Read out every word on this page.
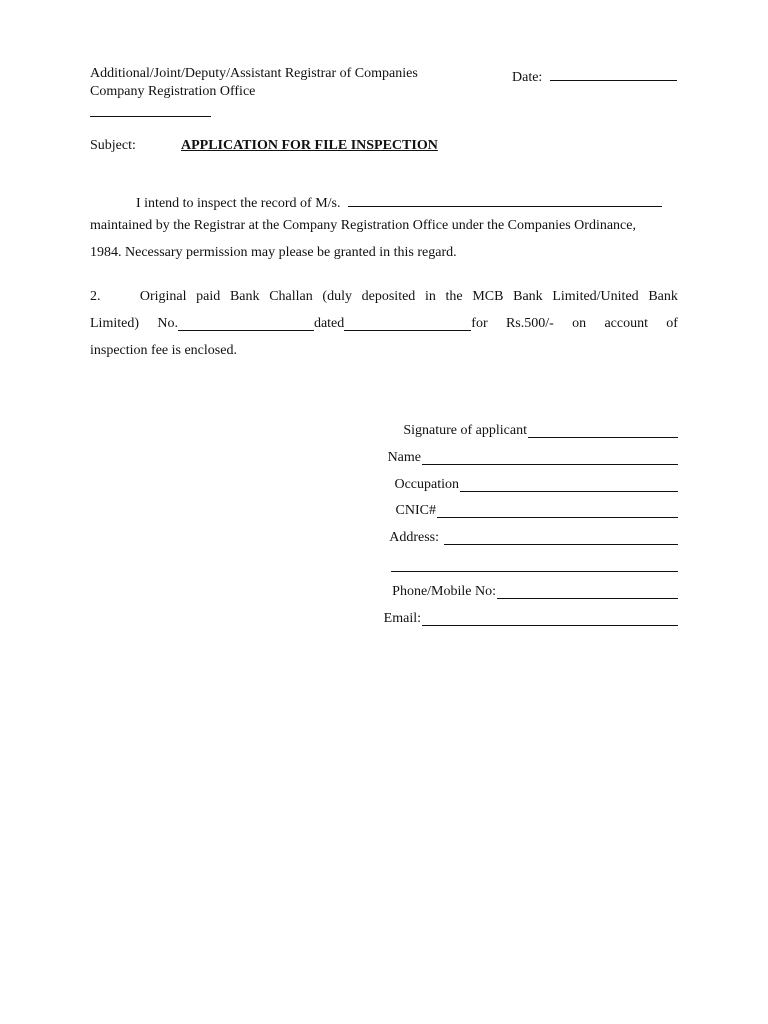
Additional/Joint/Deputy/Assistant Registrar of Companies	Date:
Company Registration Office
Subject:	APPLICATION FOR FILE INSPECTION
I intend to inspect the record of M/s.
maintained by the Registrar at the Company Registration Office under the Companies Ordinance,
1984. Necessary permission may please be granted in this regard.
2.	Original paid Bank Challan (duly deposited in the MCB Bank Limited/United Bank
Limited) No.	dated	for Rs.500/- on account of
inspection fee is enclosed.
Signature of applicant
Name
Occupation
CNIC#
Address:
Phone/Mobile No:
Email:
